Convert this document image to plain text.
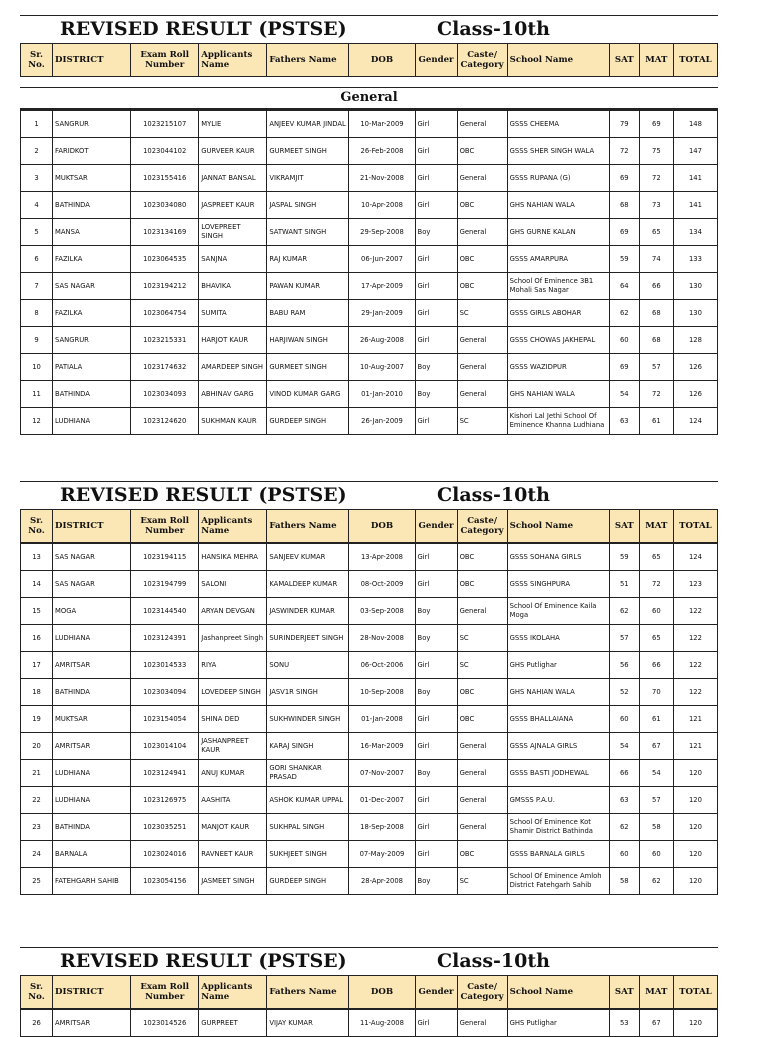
REVISED RESULT (PSTSE)	Class-10th
Sr. No.	DISTRICT	Exam Roll Number	Applicants Name	Fathers Name	DOB	Gender	Caste/ Category	School Name	SAT	MAT	TOTAL
General
1	SANGRUR	1023215107	MYLIE	ANJEEV KUMAR JINDAL	10-Mar-2009	Girl	General	GSSS CHEEMA	79	69	148
2	FARIDKOT	1023044102	GURVEER KAUR	GURMEET SINGH	26-Feb-2008	Girl	OBC	GSSS SHER SINGH WALA	72	75	147
3	MUKTSAR	1023155416	JANNAT BANSAL	VIKRAMJIT	21-Nov-2008	Girl	General	GSSS RUPANA (G)	69	72	141
4	BATHINDA	1023034080	JASPREET KAUR	JASPAL SINGH	10-Apr-2008	Girl	OBC	GHS NAHIAN WALA	68	73	141
5	MANSA	1023134169	LOVEPREET SINGH	SATWANT SINGH	29-Sep-2008	Boy	General	GHS GURNE KALAN	69	65	134
6	FAZILKA	1023064535	SANJNA	RAJ KUMAR	06-Jun-2007	Girl	OBC	GSSS AMARPURA	59	74	133
7	SAS NAGAR	1023194212	BHAVIKA	PAWAN KUMAR	17-Apr-2009	Girl	OBC	School Of Eminence 3B1 Mohali Sas Nagar	64	66	130
8	FAZILKA	1023064754	SUMITA	BABU RAM	29-Jan-2009	Girl	SC	GSSS GIRLS ABOHAR	62	68	130
9	SANGRUR	1023215331	HARJOT KAUR	HARJIWAN SINGH	26-Aug-2008	Girl	General	GSSS CHOWAS JAKHEPAL	60	68	128
10	PATIALA	1023174632	AMARDEEP SINGH	GURMEET SINGH	10-Aug-2007	Boy	General	GSSS WAZIDPUR	69	57	126
11	BATHINDA	1023034093	ABHINAV GARG	VINOD KUMAR GARG	01-Jan-2010	Boy	General	GHS NAHIAN WALA	54	72	126
12	LUDHIANA	1023124620	SUKHMAN KAUR	GURDEEP SINGH	26-Jan-2009	Girl	SC	Kishori Lal Jethi School Of Eminence Khanna Ludhiana	63	61	124
REVISED RESULT (PSTSE)	Class-10th
Sr. No.	DISTRICT	Exam Roll Number	Applicants Name	Fathers Name	DOB	Gender	Caste/ Category	School Name	SAT	MAT	TOTAL
13	SAS NAGAR	1023194115	HANSIKA MEHRA	SANJEEV KUMAR	13-Apr-2008	Girl	OBC	GSSS SOHANA GIRLS	59	65	124
14	SAS NAGAR	1023194799	SALONI	KAMALDEEP KUMAR	08-Oct-2009	Girl	OBC	GSSS SINGHPURA	51	72	123
15	MOGA	1023144540	ARYAN DEVGAN	JASWINDER KUMAR	03-Sep-2008	Boy	General	School Of Eminence Kaila Moga	62	60	122
16	LUDHIANA	1023124391	Jashanpreet Singh	SURINDERJEET SINGH	28-Nov-2008	Boy	SC	GSSS IKOLAHA	57	65	122
17	AMRITSAR	1023014533	RIYA	SONU	06-Oct-2006	Girl	SC	GHS Putlighar	56	66	122
18	BATHINDA	1023034094	LOVEDEEP SINGH	JASV1R SINGH	10-Sep-2008	Boy	OBC	GHS NAHIAN WALA	52	70	122
19	MUKTSAR	1023154054	SHINA DED	SUKHWINDER SINGH	01-Jan-2008	Girl	OBC	GSSS BHALLAIANA	60	61	121
20	AMRITSAR	1023014104	JASHANPREET KAUR	KARAJ SINGH	16-Mar-2009	Girl	General	GSSS AJNALA GIRLS	54	67	121
21	LUDHIANA	1023124941	ANUJ KUMAR	GORI SHANKAR PRASAD	07-Nov-2007	Boy	General	GSSS BASTI JODHEWAL	66	54	120
22	LUDHIANA	1023126975	AASHITA	ASHOK KUMAR UPPAL	01-Dec-2007	Girl	General	GMSSS P.A.U.	63	57	120
23	BATHINDA	1023035251	MANJOT KAUR	SUKHPAL SINGH	18-Sep-2008	Girl	General	School Of Eminence Kot Shamir District Bathinda	62	58	120
24	BARNALA	1023024016	RAVNEET KAUR	SUKHJEET SINGH	07-May-2009	Girl	OBC	GSSS BARNALA GIRLS	60	60	120
25	FATEHGARH SAHIB	1023054156	JASMEET SINGH	GURDEEP SINGH	28-Apr-2008	Boy	SC	School Of Eminence Amloh District Fatehgarh Sahib	58	62	120
REVISED RESULT (PSTSE)	Class-10th
Sr. No.	DISTRICT	Exam Roll Number	Applicants Name	Fathers Name	DOB	Gender	Caste/ Category	School Name	SAT	MAT	TOTAL
26	AMRITSAR	1023014526	GURPREET	VIJAY KUMAR	11-Aug-2008	Girl	General	GHS Putlighar	53	67	120
